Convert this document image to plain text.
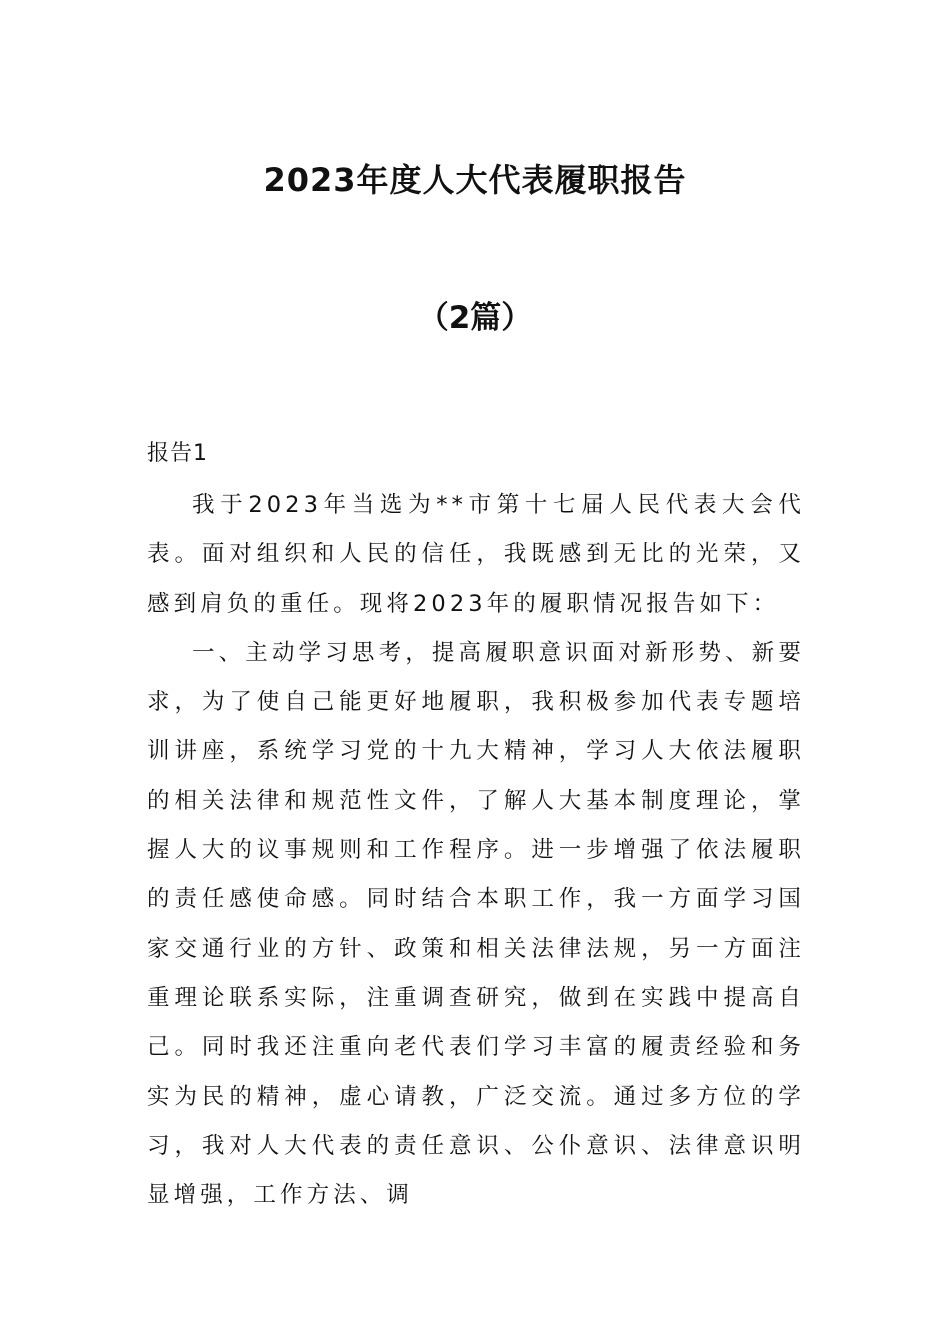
2023年度人大代表履职报告
（2篇）
报告1

我于2023年当选为**市第十七届人民代表大会代表。面对组织和人民的信任，我既感到无比的光荣，又感到肩负的重任。现将2023年的履职情况报告如下：

一、主动学习思考，提高履职意识面对新形势、新要求，为了使自己能更好地履职，我积极参加代表专题培训讲座，系统学习党的十九大精神，学习人大依法履职的相关法律和规范性文件，了解人大基本制度理论，掌握人大的议事规则和工作程序。进一步增强了依法履职的责任感使命感。同时结合本职工作，我一方面学习国家交通行业的方针、政策和相关法律法规，另一方面注重理论联系实际，注重调查研究，做到在实践中提高自己。同时我还注重向老代表们学习丰富的履责经验和务实为民的精神，虚心请教，广泛交流。通过多方位的学习，我对人大代表的责任意识、公仆意识、法律意识明显增强，工作方法、调
